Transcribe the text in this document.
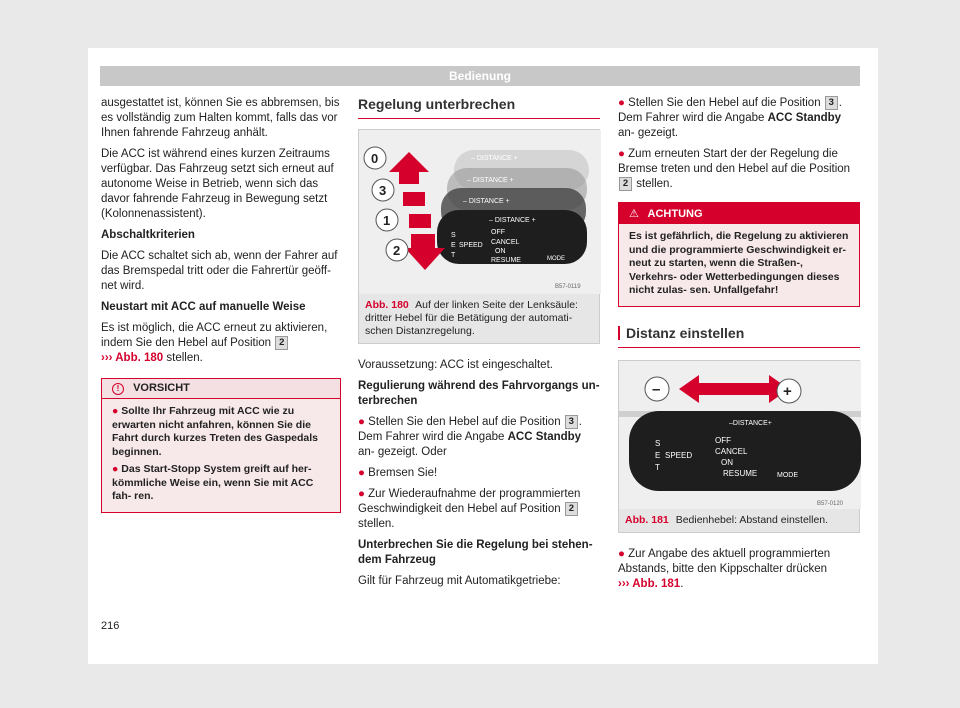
Bedienung

ausgestattet ist, können Sie es abbremsen, bis es vollständig zum Halten kommt, falls das vor Ihnen fahrende Fahrzeug anhält.

Die ACC ist während eines kurzen Zeitraums verfügbar. Das Fahrzeug setzt sich erneut auf autonome Weise in Betrieb, wenn sich das davor fahrende Fahrzeug in Bewegung setzt (Kolonnenassistent).

Abschaltkriterien

Die ACC schaltet sich ab, wenn der Fahrer auf das Bremspedal tritt oder die Fahrertür geöff- net wird.

Neustart mit ACC auf manuelle Weise

Es ist möglich, die ACC erneut zu aktivieren, indem Sie den Hebel auf Position 2
››› Abb. 180 stellen.

! VORSICHT
● Sollte Ihr Fahrzeug mit ACC wie zu erwarten nicht anfahren, können Sie die Fahrt durch kurzes Treten des Gaspedals beginnen.
● Das Start-Stopp System greift auf her- kömmliche Weise ein, wenn Sie mit ACC fah- ren.
Regelung unterbrechen
– DISTANCE +
– DISTANCE +
– DISTANCE +
– DISTANCE +
S
E
T
SPEED
OFF
CANCEL
ON
RESUME	MODE
0
3
1
2
B57-0119
Abb. 180 Auf der linken Seite der Lenksäule: dritter Hebel für die Betätigung der automati- schen Distanzregelung.

Voraussetzung: ACC ist eingeschaltet.

Regulierung während des Fahrvorgangs un- terbrechen

● Stellen Sie den Hebel auf die Position 3 . Dem Fahrer wird die Angabe ACC Standby an- gezeigt. Oder

● Bremsen Sie!

● Zur Wiederaufnahme der programmierten Geschwindigkeit den Hebel auf Position 2 stellen.

Unterbrechen Sie die Regelung bei stehen- dem Fahrzeug

Gilt für Fahrzeug mit Automatikgetriebe:

● Stellen Sie den Hebel auf die Position 3 . Dem Fahrer wird die Angabe ACC Standby an- gezeigt.

● Zum erneuten Start der der Regelung die Bremse treten und den Hebel auf die Position 2 stellen.

⚠ ACHTUNG
Es ist gefährlich, die Regelung zu aktivieren und die programmierte Geschwindigkeit er- neut zu starten, wenn die Straßen-, Verkehrs- oder Wetterbedingungen dieses nicht zulas- sen. Unfallgefahr!
Distanz einstellen
–	+
–DISTANCE+
S
E
T
SPEED
OFF
CANCEL
ON
RESUME	MODE
B57-0120
Abb. 181 Bedienhebel: Abstand einstellen.

● Zur Angabe des aktuell programmierten Abstands, bitte den Kippschalter drücken
››› Abb. 181.

216
